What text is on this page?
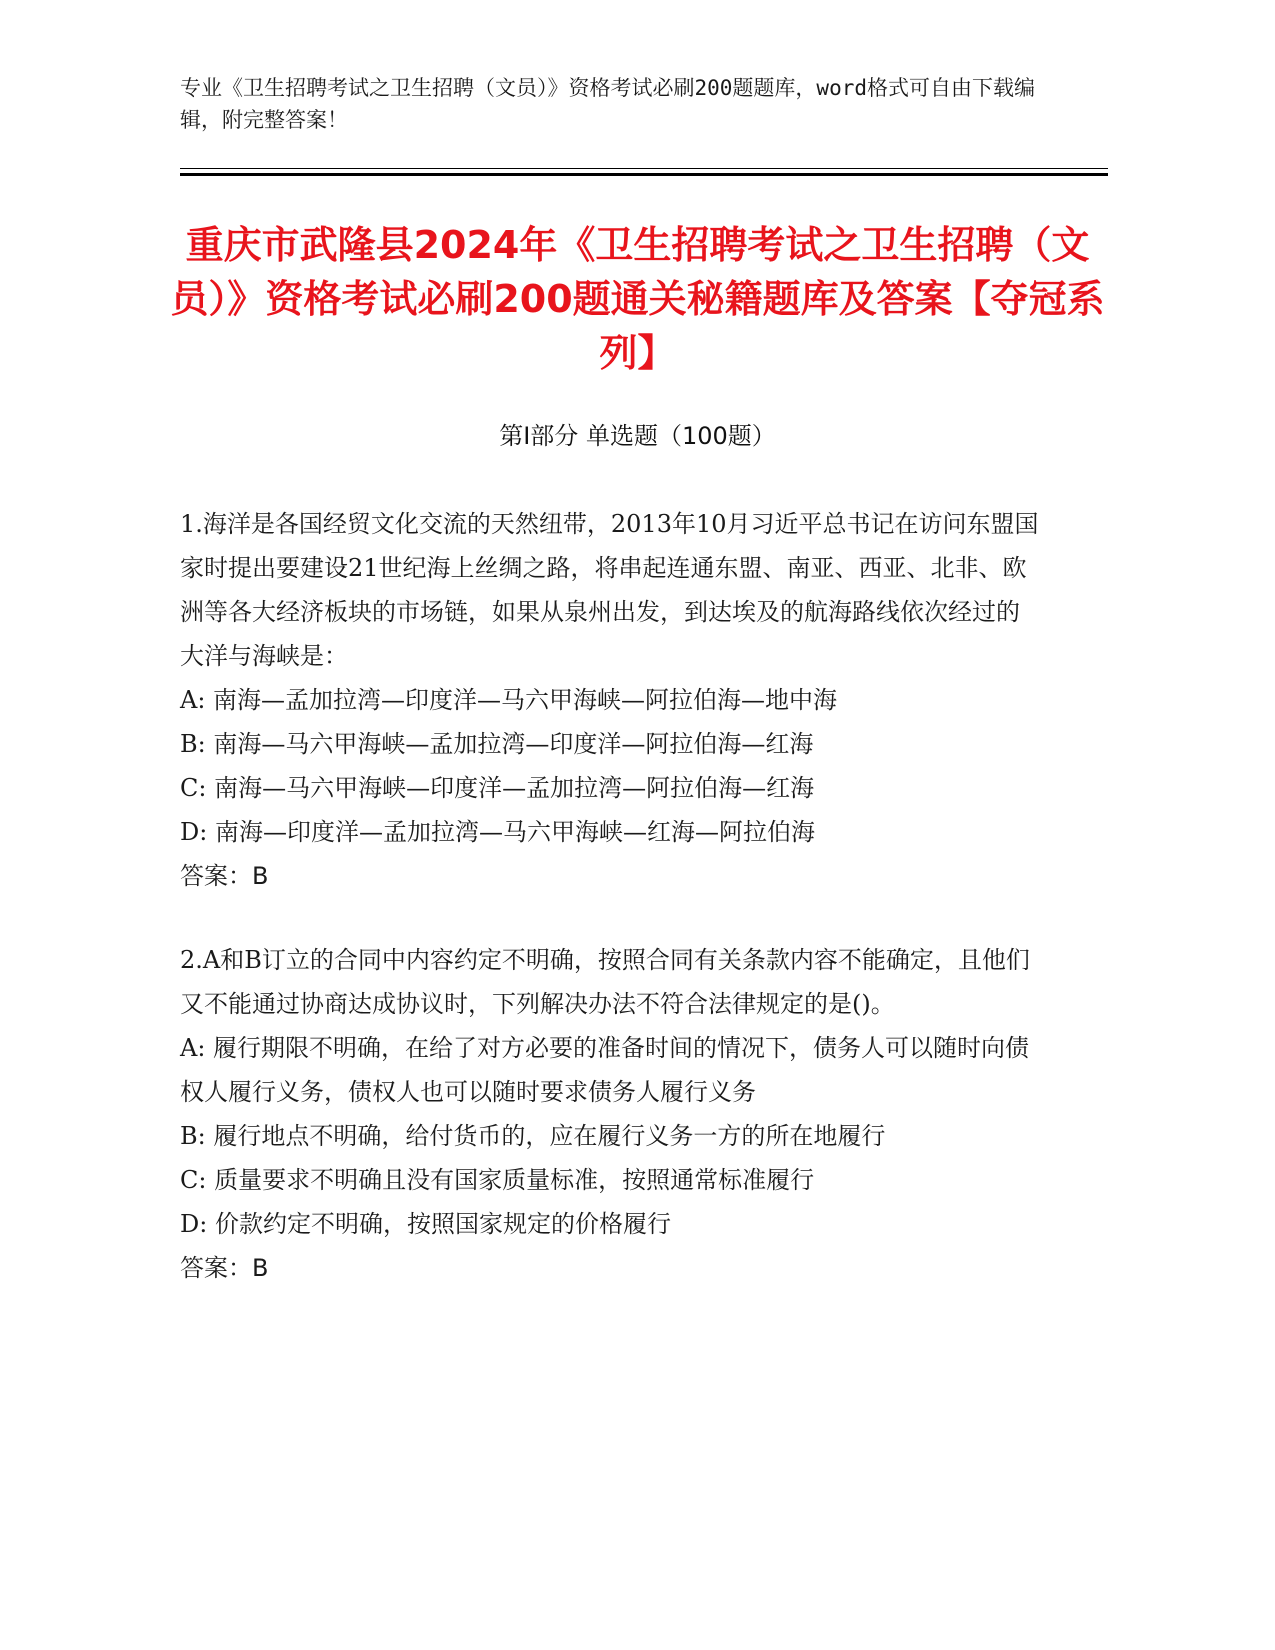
专业《卫生招聘考试之卫生招聘（文员）》资格考试必刷200题题库，word格式可自由下载编辑，附完整答案！
重庆市武隆县2024年《卫生招聘考试之卫生招聘（文员）》资格考试必刷200题通关秘籍题库及答案【夺冠系列】
第Ⅰ部分 单选题（100题）

1.海洋是各国经贸文化交流的天然纽带，2013年10月习近平总书记在访问东盟国家时提出要建设21世纪海上丝绸之路，将串起连通东盟、南亚、西亚、北非、欧洲等各大经济板块的市场链，如果从泉州出发，到达埃及的航海路线依次经过的大洋与海峡是：

A: 南海—孟加拉湾—印度洋—马六甲海峡—阿拉伯海—地中海

B: 南海—马六甲海峡—孟加拉湾—印度洋—阿拉伯海—红海

C: 南海—马六甲海峡—印度洋—孟加拉湾—阿拉伯海—红海

D: 南海—印度洋—孟加拉湾—马六甲海峡—红海—阿拉伯海

答案：B

2.A和B订立的合同中内容约定不明确，按照合同有关条款内容不能确定，且他们又不能通过协商达成协议时，下列解决办法不符合法律规定的是()。

A: 履行期限不明确，在给了对方必要的准备时间的情况下，债务人可以随时向债权人履行义务，债权人也可以随时要求债务人履行义务

B: 履行地点不明确，给付货币的，应在履行义务一方的所在地履行

C: 质量要求不明确且没有国家质量标准，按照通常标准履行

D: 价款约定不明确，按照国家规定的价格履行

答案：B
